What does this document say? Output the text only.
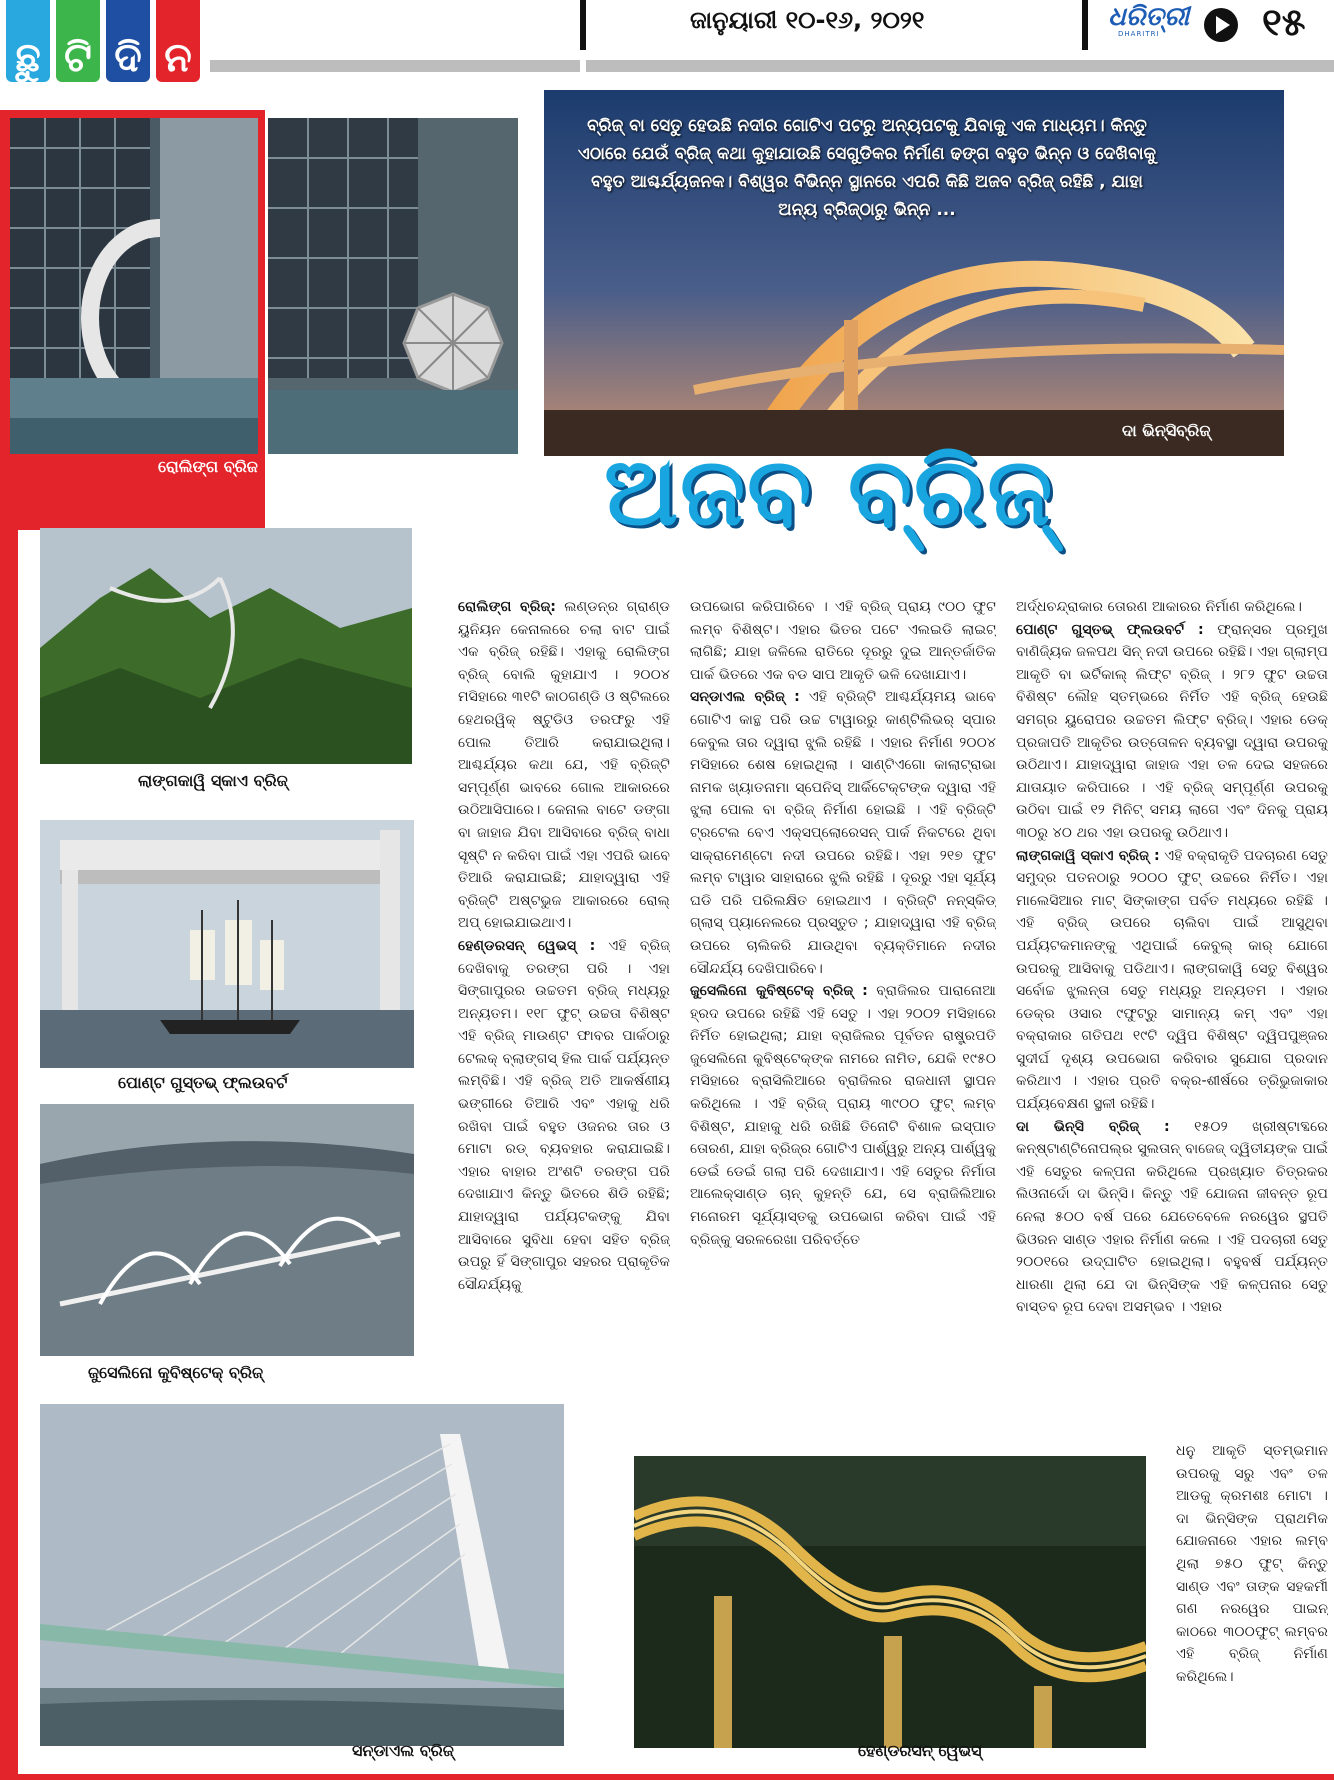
ଛୁ ଟି ଦି ନ
ଜାନୁୟାରୀ ୧୦-୧୬, ୨୦୨୧	ଧରିତ୍ରୀ
DHARITRI	୧୫
ରୋଲିଙ୍ଗ ବ୍ରିଜ
ବ୍ରିଜ୍ ବା ସେତୁ ହେଉଛି ନଦୀର ଗୋଟିଏ ପଟରୁ ଅନ୍ୟପଟକୁ ଯିବାକୁ ଏକ ମାଧ୍ୟମ। କିନ୍ତୁ ଏଠାରେ ଯେଉଁ ବ୍ରିଜ୍ କଥା କୁହାଯାଉଛି ସେଗୁଡିକର ନିର୍ମାଣ ଢଙ୍ଗ ବହୁତ ଭିନ୍ନ ଓ ଦେଖିବାକୁ ବହୁତ ଆଶ୍ଚର୍ଯ୍ୟଜନକ। ବିଶ୍ୱର ବିଭିନ୍ନ ସ୍ଥାନରେ ଏପରି କିଛି ଅଜବ ବ୍ରିଜ୍ ରହିଛି , ଯାହା ଅନ୍ୟ ବ୍ରିଜ୍‌ଠାରୁ ଭିନ୍ନ ...
ଦା ଭିନ୍‌ସିବ୍ରିଜ୍
ଅଜବ ବ୍ରିଜ୍
ଲାଙ୍ଗକାୱି ସ୍କାଏ ବ୍ରିଜ୍
ପୋଣ୍ଟ ଗୁସ୍ତଭ୍ ଫ୍ଲଉବର୍ଟ
ଜୁସେଲିନୋ କୁବିଷ୍ଟେକ୍ ବ୍ରିଜ୍
ସନ୍ଡାଏଲ ବ୍ରିଜ୍	ହେଣ୍ଡରସନ୍ ୱେଭସ୍

ରୋଲିଙ୍ଗ ବ୍ରିଜ୍: ଲଣ୍ଡନ୍‌ର ଗ୍ରାଣ୍ଡ ୟୁନିୟନ କେନାଲରେ ଚଲା ବାଟ ପାଇଁ ଏକ ବ୍ରିଜ୍ ରହିଛି। ଏହାକୁ ରୋଲିଙ୍ଗ ବ୍ରିଜ୍ ବୋଲି କୁହାଯାଏ । ୨୦୦୪ ମସିହାରେ ୩୧ଟି କାଠଗଣ୍ଡି ଓ ଷ୍ଟିଲରେ ହେଥରୱିକ୍ ଷ୍ଟୁଡିଓ ତରଫରୁ ଏହି ପୋଲ ତିଆରି କରାଯାଇଥିଲା। ଆଶ୍ଚର୍ଯ୍ୟର କଥା ଯେ, ଏହି ବ୍ରିଜ୍‌ଟି ସମ୍ପୂର୍ଣ୍ଣ ଭାବରେ ଗୋଲ ଆକାରରେ ଉଠିଆସିପାରେ। କେନାଲ ବାଟେ ଡଙ୍ଗା ବା ଜାହାଜ ଯିବା ଆସିବାରେ ବ୍ରିଜ୍ ବାଧା ସୃଷ୍ଟି ନ କରିବା ପାଇଁ ଏହା ଏପରି ଭାବେ ତିଆରି କରାଯାଇଛି; ଯାହାଦ୍ୱାରା ଏହି ବ୍ରିଜ୍‌ଟି ଅଷ୍ଟଭୁଜ ଆକାରରେ ରୋଲ୍ ଅପ୍ ହୋଇଯାଇଥାଏ।

ହେଣ୍ଡରସନ୍ ୱେଭସ୍ : ଏହି ବ୍ରିଜ୍ ଦେଖିବାକୁ ତରଙ୍ଗ ପରି । ଏହା ସିଙ୍ଗାପୁରର ଉଚ୍ଚତମ ବ୍ରିଜ୍ ମଧ୍ୟରୁ ଅନ୍ୟତମ। ୧୧୮ ଫୁଟ୍ ଉଚ୍ଚତା ବିଶିଷ୍ଟ ଏହି ବ୍ରିଜ୍ ମାଉଣ୍ଟ ଫାବର ପାର୍କଠାରୁ ଟେଲକ୍ ବ୍ଲାଙ୍ଗସ୍ ହିଲ ପାର୍କ ପର୍ଯ୍ୟନ୍ତ ଲମ୍ବିଛି। ଏହି ବ୍ରିଜ୍ ଅତି ଆକର୍ଷଣୀୟ ଭଙ୍ଗୀରେ ତିଆରି ଏବଂ ଏହାକୁ ଧରି ରଖିବା ପାଇଁ ବହୁତ ଓଜନର ତାର ଓ ମୋଟା ରଡ୍ ବ୍ୟବହାର କରାଯାଇଛି। ଏହାର ବାହାର ଅଂଶଟି ତରଙ୍ଗ ପରି ଦେଖାଯାଏ କିନ୍ତୁ ଭିତରେ ଶିଡି ରହିଛି; ଯାହାଦ୍ୱାରା ପର୍ଯ୍ୟଟକଙ୍କୁ ଯିବା ଆସିବାରେ ସୁବିଧା ହେବା ସହିତ ବ୍ରିଜ୍ ଉପରୁ ହିଁ ସିଙ୍ଗାପୁର ସହରର ପ୍ରାକୃତିକ ସୌନ୍ଦର୍ଯ୍ୟକୁ

ଉପଭୋଗ କରିପାରିବେ । ଏହି ବ୍ରିଜ୍ ପ୍ରାୟ ୯୦୦ ଫୁଟ ଲମ୍ବ ବିଶିଷ୍ଟ। ଏହାର ଭିତର ପଟେ ଏଲଇଡି ଲାଇଟ୍ ଲାଗିଛି; ଯାହା ଜଳିଲେ ରାତିରେ ଦୂରରୁ ଦୁଇ ଆନ୍ତର୍ଜାତିକ ପାର୍କ ଭିତରେ ଏକ ବଡ ସାପ ଆକୃତି ଭଳି ଦେଖାଯାଏ।

ସନ୍ଡାଏଲ ବ୍ରିଜ୍ : ଏହି ବ୍ରିଜ୍‌ଟି ଆଶ୍ଚର୍ଯ୍ୟମୟ ଭାବେ ଗୋଟିଏ କାନ୍ଥ ପରି ଉଚ୍ଚ ଟାୱାରରୁ କାଣ୍ଟିଲିଭର୍ ସ୍ପାର କେବୁଲ ତାର ଦ୍ୱାରା ଝୁଲି ରହିଛି । ଏହାର ନିର୍ମାଣ ୨୦୦୪ ମସିହାରେ ଶେଷ ହୋଇଥିଲା । ସାଣ୍ଟିଏଗୋ କାଲାଟ୍ରାଭା ନାମକ ଖ୍ୟାତନାମା ସ୍ପେନିସ୍ ଆର୍କିଟେକ୍ଟଙ୍କ ଦ୍ୱାରା ଏହି ଝୁଲା ପୋଲ ବା ବ୍ରିଜ୍ ନିର୍ମାଣ ହୋଇଛି । ଏହି ବ୍ରିଜ୍‌ଟି ଟ୍ରଟେଲ ବେଏ ଏକ୍ସପ୍ଲୋରେସନ୍ ପାର୍କ ନିକଟରେ ଥିବା ସାକ୍ରାମେଣ୍ଟୋ ନଦୀ ଉପରେ ରହିଛି। ଏହା ୨୧୭ ଫୁଟ ଲମ୍ବ ଟାୱାର ସାହାରାରେ ଝୁଲି ରହିଛି । ଦୂରରୁ ଏହା ସୂର୍ଯ୍ୟ ଘଡି ପରି ପରିଲକ୍ଷିତ ହୋଇଥାଏ । ବ୍ରିଜ୍‌ଟି ନନ୍‌ସ୍କିଡ୍ ଗ୍ଲାସ୍ ପ୍ୟାନେଲରେ ପ୍ରସ୍ତୁତ ; ଯାହାଦ୍ୱାରା ଏହି ବ୍ରିଜ୍ ଉପରେ ଚାଲିକରି ଯାଉଥିବା ବ୍ୟକ୍ତିମାନେ ନଦୀର ସୌନ୍ଦର୍ଯ୍ୟ ଦେଖିପାରିବେ।

ଜୁସେଲିନୋ କୁବିଷ୍ଟେକ୍ ବ୍ରିଜ୍ : ବ୍ରାଜିଲର ପାରାନୋଆ ହ୍ରଦ ଉପରେ ରହିଛି ଏହି ସେତୁ । ଏହା ୨୦୦୨ ମସିହାରେ ନିର୍ମିତ ହୋଇଥିଲା; ଯାହା ବ୍ରାଜିଲର ପୂର୍ବତନ ରାଷ୍ଟ୍ରପତି ଜୁସେଲିନୋ କୁବିଷ୍ଟେକ୍‌ଙ୍କ ନାମରେ ନାମିତ, ଯେକି ୧୯୫୦ ମସିହାରେ ବ୍ରାସିଲିଆରେ ବ୍ରାଜିଲର ରାଜଧାନୀ ସ୍ଥାପନ କରିଥିଲେ । ଏହି ବ୍ରିଜ୍ ପ୍ରାୟ ୩୯୦୦ ଫୁଟ୍ ଲମ୍ବ ବିଶିଷ୍ଟ, ଯାହାକୁ ଧରି ରଖିଛି ତିନୋଟି ବିଶାଳ ଇସ୍ପାତ ତୋରଣ, ଯାହା ବ୍ରିଜ୍‌ର ଗୋଟିଏ ପାର୍ଶ୍ୱରୁ ଅନ୍ୟ ପାର୍ଶ୍ୱକୁ ଡେଇଁ ଡେଇଁ ଗଲା ପରି ଦେଖାଯାଏ। ଏହି ସେତୁର ନିର୍ମାତା ଆଲେକ୍ସାଣ୍ଡ ଚାନ୍ କୁହନ୍ତି ଯେ, ସେ ବ୍ରାଜିଲିଆର ମନୋରମ ସୂର୍ଯ୍ୟାସ୍ତକୁ ଉପଭୋଗ କରିବା ପାଇଁ ଏହି ବ୍ରିଜ୍‌କୁ ସରଳରେଖା ପରିବର୍ତ୍ତେ

ଅର୍ଦ୍ଧଚନ୍ଦ୍ରାକାର ତୋରଣ ଆକାରର ନିର୍ମାଣ କରିଥିଲେ।

ପୋଣ୍ଟ ଗୁସ୍ତଭ୍ ଫ୍ଲଉବର୍ଟ : ଫ୍ରାନ୍ସର ପ୍ରମୁଖ ବାଣିଜ୍ୟିକ ଜଳପଥ ସିନ୍ ନଦୀ ଉପରେ ରହିଛି। ଏହା ଗ୍ଲାମ୍ପ ଆକୃତି ବା ଭର୍ଟିକାଲ୍ ଲିଫ୍ଟ ବ୍ରିଜ୍ । ୨୮୨ ଫୁଟ ଉଚ୍ଚତା ବିଶିଷ୍ଟ ଲୌହ ସ୍ତମ୍ଭରେ ନିର୍ମିତ ଏହି ବ୍ରିଜ୍ ହେଉଛି ସମଗ୍ର ୟୁରୋପର ଉଚ୍ଚତମ ଲିଫ୍ଟ ବ୍ରିଜ୍। ଏହାର ଡେକ୍ ପ୍ରଜାପତି ଆକୃତିର ଉତ୍ତୋଳନ ବ୍ୟବସ୍ଥା ଦ୍ୱାରା ଉପରକୁ ଉଠିଥାଏ। ଯାହାଦ୍ୱାରା ଜାହାଜ ଏହା ତଳ ଦେଇ ସହଜରେ ଯାତାୟାତ କରିପାରେ । ଏହି ବ୍ରିଜ୍ ସମ୍ପୂର୍ଣ୍ଣ ଉପରକୁ ଉଠିବା ପାଇଁ ୧୨ ମିନିଟ୍ ସମୟ ଲାଗେ ଏବଂ ଦିନକୁ ପ୍ରାୟ ୩୦ରୁ ୪୦ ଥର ଏହା ଉପରକୁ ଉଠିଥାଏ।

ଲାଙ୍ଗକାୱି ସ୍କାଏ ବ୍ରିଜ୍ : ଏହି ବକ୍ରାକୃତି ପଦଚାରଣ ସେତୁ ସମୁଦ୍ର ପତନଠାରୁ ୨୦୦୦ ଫୁଟ୍ ଉଚ୍ଚରେ ନିର୍ମିତ। ଏହା ମାଲେସିଆର ମାଟ୍ ସିଙ୍କାଙ୍ଗ ପର୍ବତ ମଧ୍ୟରେ ରହିଛି । ଏହି ବ୍ରିଜ୍ ଉପରେ ଚାଲିବା ପାଇଁ ଆସୁଥିବା ପର୍ଯ୍ୟଟକମାନଙ୍କୁ ଏଥିପାଇଁ କେବୁଲ୍ କାର୍ ଯୋଗେ ଉପରକୁ ଆସିବାକୁ ପଡିଥାଏ। ଲାଙ୍ଗକାୱି ସେତୁ ବିଶ୍ୱର ସର୍ବୋଚ୍ଚ ଝୁଲନ୍ତା ସେତୁ ମଧ୍ୟରୁ ଅନ୍ୟତମ । ଏହାର ଡେକ୍‌ର ଓସାର ୯ଫୁଟ୍‌ରୁ ସାମାନ୍ୟ କମ୍ ଏବଂ ଏହା ବକ୍ରାକାର ଗତିପଥ ୧୯ଟି ଦ୍ୱିପ ବିଶିଷ୍ଟ ଦ୍ୱିପପୁଞ୍ଜର ସୁଦୀର୍ଘ ଦୃଶ୍ୟ ଉପଭୋଗ କରିବାର ସୁଯୋଗ ପ୍ରଦାନ କରିଥାଏ । ଏହାର ପ୍ରତି ବକ୍ର-ଶୀର୍ଷରେ ତ୍ରିଭୁଜାକାର ପର୍ଯ୍ୟବେକ୍ଷଣ ସ୍ଥଳୀ ରହିଛି।

ଦା ଭିନ୍‌ସି ବ୍ରିଜ୍ : ୧୫୦୨ ଖ୍ରୀଷ୍ଟାବ୍ଦରେ କନ୍‌ଷ୍ଟାଣ୍ଟିନୋପଲ୍‌ର ସୁଲତାନ୍ ବାଜେଜ୍ ଦ୍ୱିତୀୟଙ୍କ ପାଇଁ ଏହି ସେତୁର କଳ୍ପନା କରିଥିଲେ ପ୍ରଖ୍ୟାତ ଚିତ୍ରକର ଲିଓନାର୍ଦୋ ଦା ଭିନ୍‌ସି। କିନ୍ତୁ ଏହି ଯୋଜନା ଜୀବନ୍ତ ରୂପ ନେଲା ୫୦୦ ବର୍ଷ ପରେ ଯେତେବେଳେ ନରୱେର ସ୍ଥପତି ଭିଓରନ ସାଣ୍ଡ ଏହାର ନିର୍ମାଣ କଲେ । ଏହି ପଦଚାରୀ ସେତୁ ୨୦୦୧ରେ ଉଦ୍‌ଘାଟିତ ହୋଇଥିଲା। ବହୁବର୍ଷ ପର୍ଯ୍ୟନ୍ତ ଧାରଣା ଥିଲା ଯେ ଦା ଭିନ୍‌ସିଙ୍କ ଏହି କଳ୍ପନାର ସେତୁ ବାସ୍ତବ ରୂପ ଦେବା ଅସମ୍ଭବ । ଏହାର

ଧନୁ ଆକୃତି ସ୍ତମ୍ଭମାନ ଉପରକୁ ସରୁ ଏବଂ ତଳ ଆଡକୁ କ୍ରମଶଃ ମୋଟା । ଦା ଭିନ୍‌ସିଙ୍କ ପ୍ରାଥମିକ ଯୋଜନାରେ ଏହାର ଲମ୍ବ ଥିଲା ୭୫୦ ଫୁଟ୍ କିନ୍ତୁ ସାଣ୍ଡ ଏବଂ ତାଙ୍କ ସହକର୍ମୀ ଗଣ ନରୱେର ପାଇନ୍ କାଠରେ ୩୦୦ଫୁଟ୍ ଲମ୍ବର ଏହି ବ୍ରିଜ୍ ନିର୍ମାଣ କରିଥିଲେ।
